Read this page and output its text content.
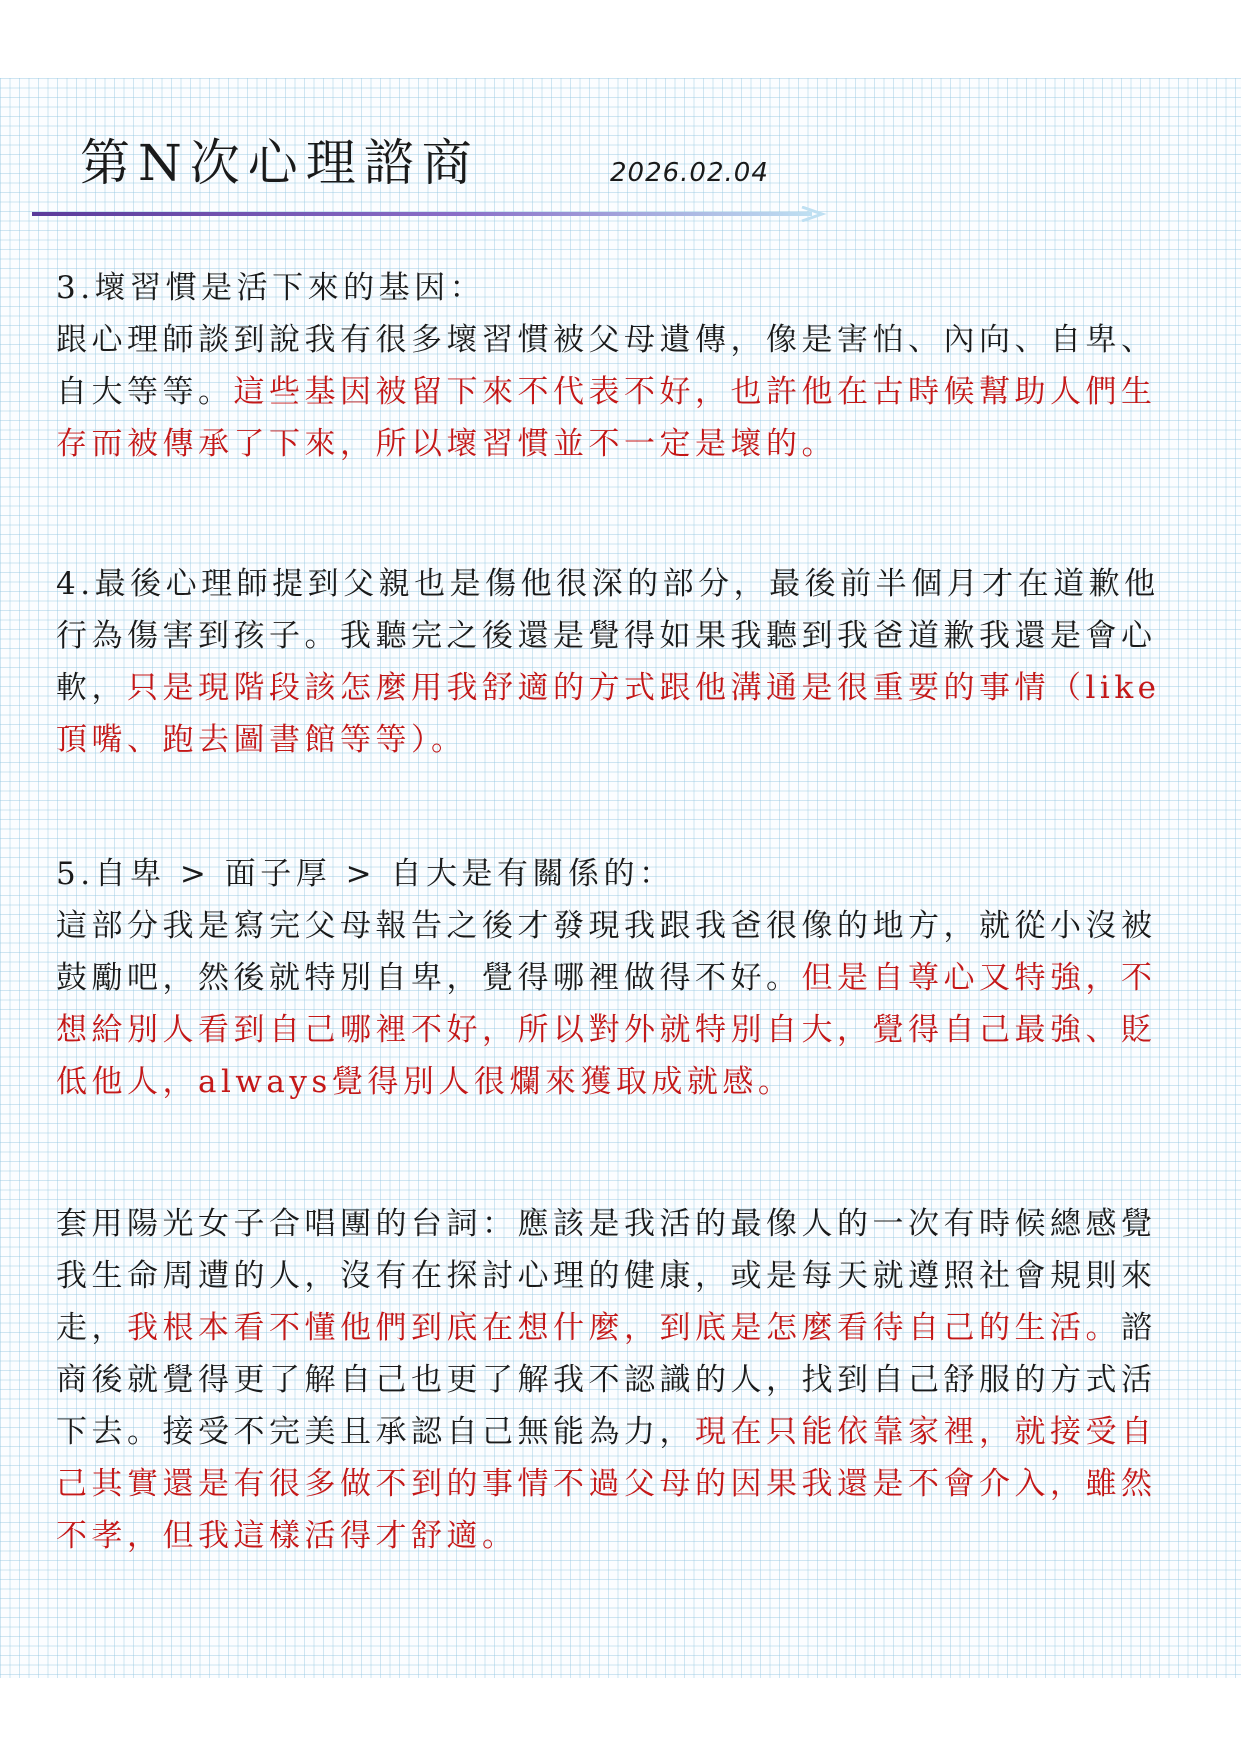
第N次心理諮商	2026.02.04

3.壞習慣是活下來的基因：

跟心理師談到說我有很多壞習慣被父母遺傳，像是害怕、內向、自卑、自大等等。這些基因被留下來不代表不好，也許他在古時候幫助人們生存而被傳承了下來，所以壞習慣並不一定是壞的。

4.最後心理師提到父親也是傷他很深的部分，最後前半個月才在道歉他行為傷害到孩子。我聽完之後還是覺得如果我聽到我爸道歉我還是會心軟，只是現階段該怎麼用我舒適的方式跟他溝通是很重要的事情（like頂嘴、跑去圖書館等等）。

5.自卑 > 面子厚 > 自大是有關係的：

這部分我是寫完父母報告之後才發現我跟我爸很像的地方，就從小沒被鼓勵吧，然後就特別自卑，覺得哪裡做得不好。但是自尊心又特強，不想給別人看到自己哪裡不好，所以對外就特別自大，覺得自己最強、貶低他人，always覺得別人很爛來獲取成就感。

套用陽光女子合唱團的台詞：應該是我活的最像人的一次有時候總感覺我生命周遭的人，沒有在探討心理的健康，或是每天就遵照社會規則來走，我根本看不懂他們到底在想什麼，到底是怎麼看待自己的生活。諮商後就覺得更了解自己也更了解我不認識的人，找到自己舒服的方式活下去。接受不完美且承認自己無能為力，現在只能依靠家裡，就接受自己其實還是有很多做不到的事情不過父母的因果我還是不會介入，雖然不孝，但我這樣活得才舒適。
